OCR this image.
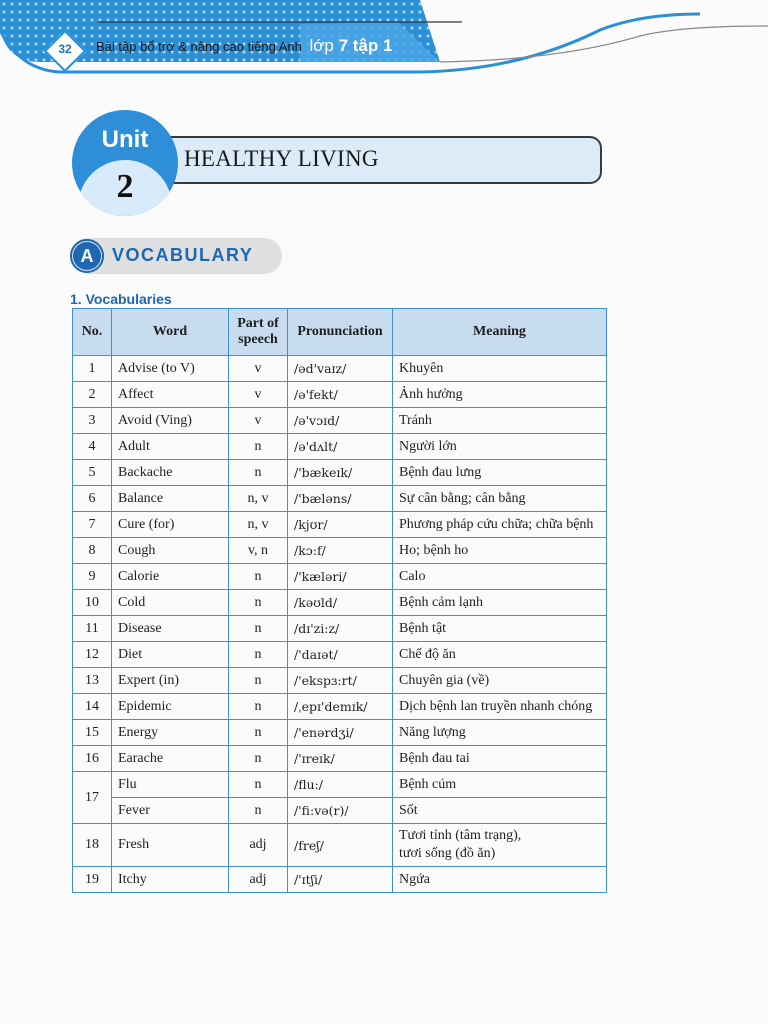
32	Bài tập bổ trợ & nâng cao tiếng Anh lớp 7 tập 1
Unit
2
HEALTHY LIVING
A	VOCABULARY
1. Vocabularies
No.	Word	Part of speech	Pronunciation	Meaning
1	Advise (to V)	v	/əd'vaɪz/	Khuyên
2	Affect	v	/ə'fekt/	Ảnh hưởng
3	Avoid (Ving)	v	/ə'vɔɪd/	Tránh
4	Adult	n	/ə'dʌlt/	Người lớn
5	Backache	n	/'bækeɪk/	Bệnh đau lưng
6	Balance	n, v	/'bæləns/	Sự cân bằng; cân bằng
7	Cure (for)	n, v	/kjʊr/	Phương pháp cứu chữa; chữa bệnh
8	Cough	v, n	/kɔ:f/	Ho; bệnh ho
9	Calorie	n	/'kæləri/	Calo
10	Cold	n	/kəʊld/	Bệnh cảm lạnh
11	Disease	n	/dɪ'zi:z/	Bệnh tật
12	Diet	n	/'daɪət/	Chế độ ăn
13	Expert (in)	n	/'ekspɜ:rt/	Chuyên gia (về)
14	Epidemic	n	/ˌepɪ'demɪk/	Dịch bệnh lan truyền nhanh chóng
15	Energy	n	/'enərdʒi/	Năng lượng
16	Earache	n	/'ɪreɪk/	Bệnh đau tai
17	Flu	n	/flu:/	Bệnh cúm
	Fever	n	/'fi:və(r)/	Sốt
18	Fresh	adj	/freʃ/	Tươi tỉnh (tâm trạng),
tươi sống (đồ ăn)

19	Itchy	adj	/'ɪtʃi/	Ngứa
